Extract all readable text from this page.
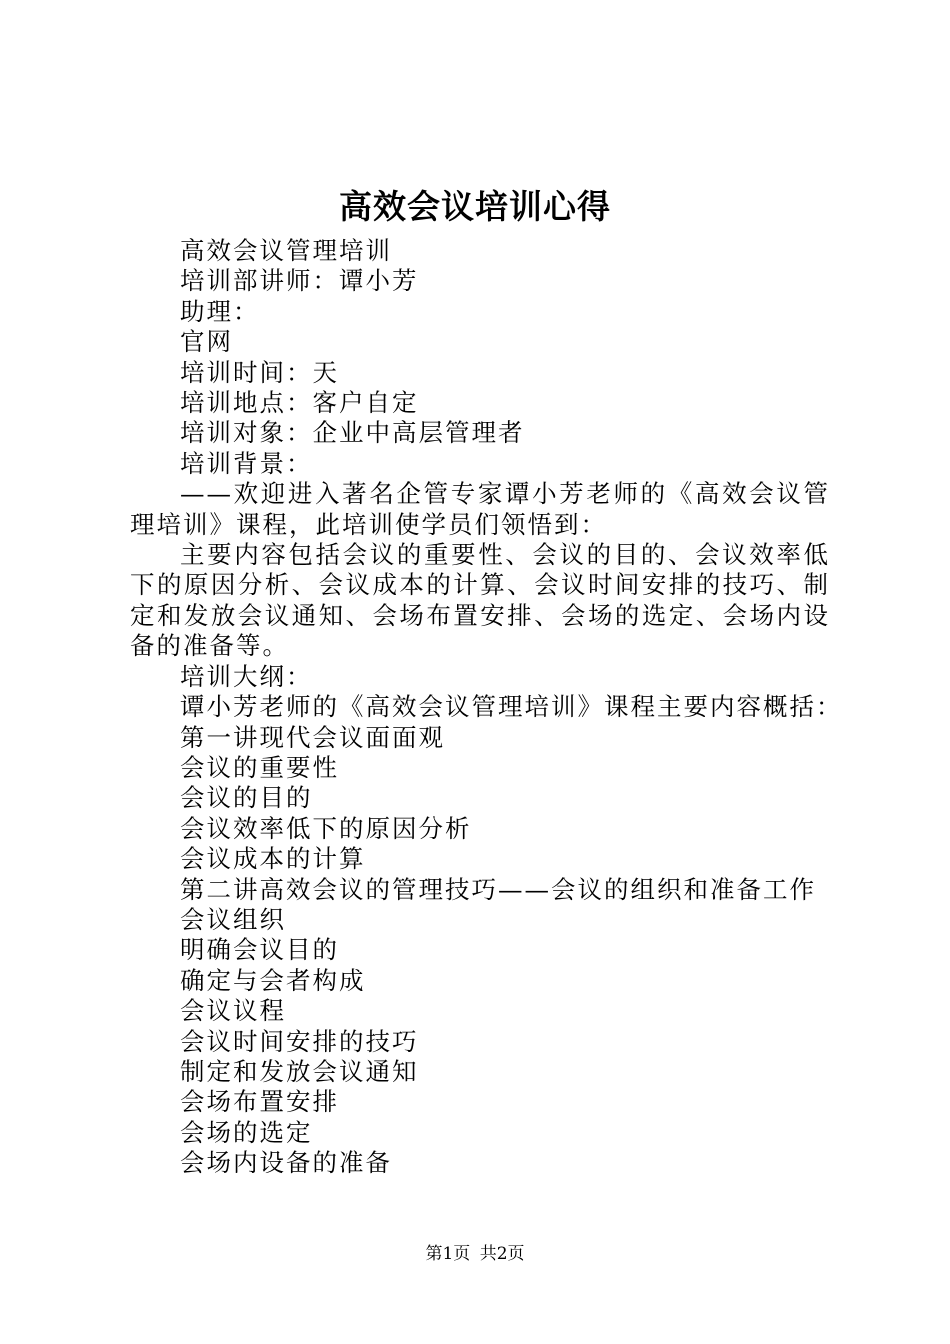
高效会议培训心得

高效会议管理培训

培训部讲师：谭小芳

助理：

官网

培训时间：天

培训地点：客户自定

培训对象：企业中高层管理者

培训背景：

——欢迎进入著名企管专家谭小芳老师的《高效会议管理培训》课程，此培训使学员们领悟到：

主要内容包括会议的重要性、会议的目的、会议效率低下的原因分析、会议成本的计算、会议时间安排的技巧、制定和发放会议通知、会场布置安排、会场的选定、会场内设备的准备等。

培训大纲：

谭小芳老师的《高效会议管理培训》课程主要内容概括：

第一讲现代会议面面观

会议的重要性

会议的目的

会议效率低下的原因分析

会议成本的计算

第二讲高效会议的管理技巧——会议的组织和准备工作

会议组织

明确会议目的

确定与会者构成

会议议程

会议时间安排的技巧

制定和发放会议通知

会场布置安排

会场的选定

会场内设备的准备

第1页 共2页
